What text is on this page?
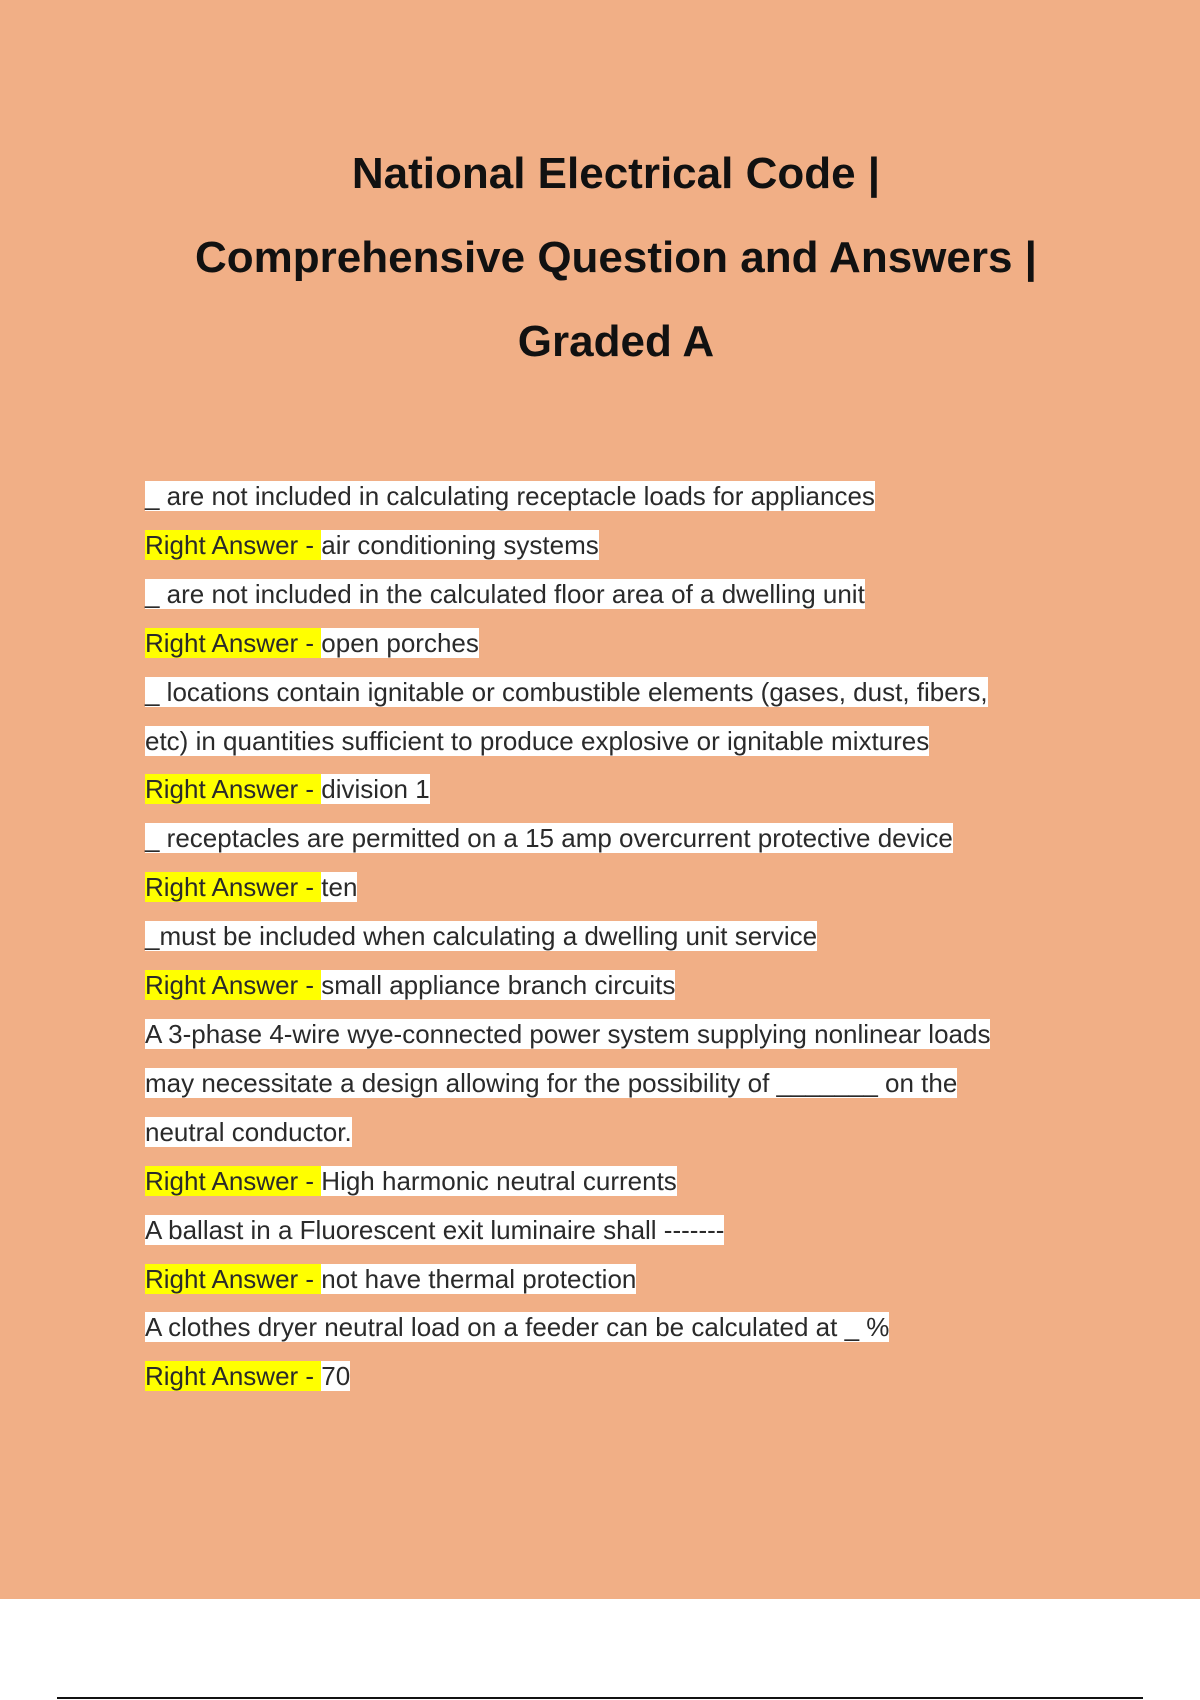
National Electrical Code |
Comprehensive Question and Answers |
Graded A
_ are not included in calculating receptacle loads for appliances
Right Answer - air conditioning systems
_ are not included in the calculated floor area of a dwelling unit
Right Answer - open porches
_ locations contain ignitable or combustible elements (gases, dust, fibers,
etc) in quantities sufficient to produce explosive or ignitable mixtures
Right Answer - division 1
_ receptacles are permitted on a 15 amp overcurrent protective device
Right Answer - ten
_must be included when calculating a dwelling unit service
Right Answer - small appliance branch circuits
A 3-phase 4-wire wye-connected power system supplying nonlinear loads
may necessitate a design allowing for the possibility of _______ on the
neutral conductor.
Right Answer - High harmonic neutral currents
A ballast in a Fluorescent exit luminaire shall -------
Right Answer - not have thermal protection
A clothes dryer neutral load on a feeder can be calculated at _ %
Right Answer - 70
